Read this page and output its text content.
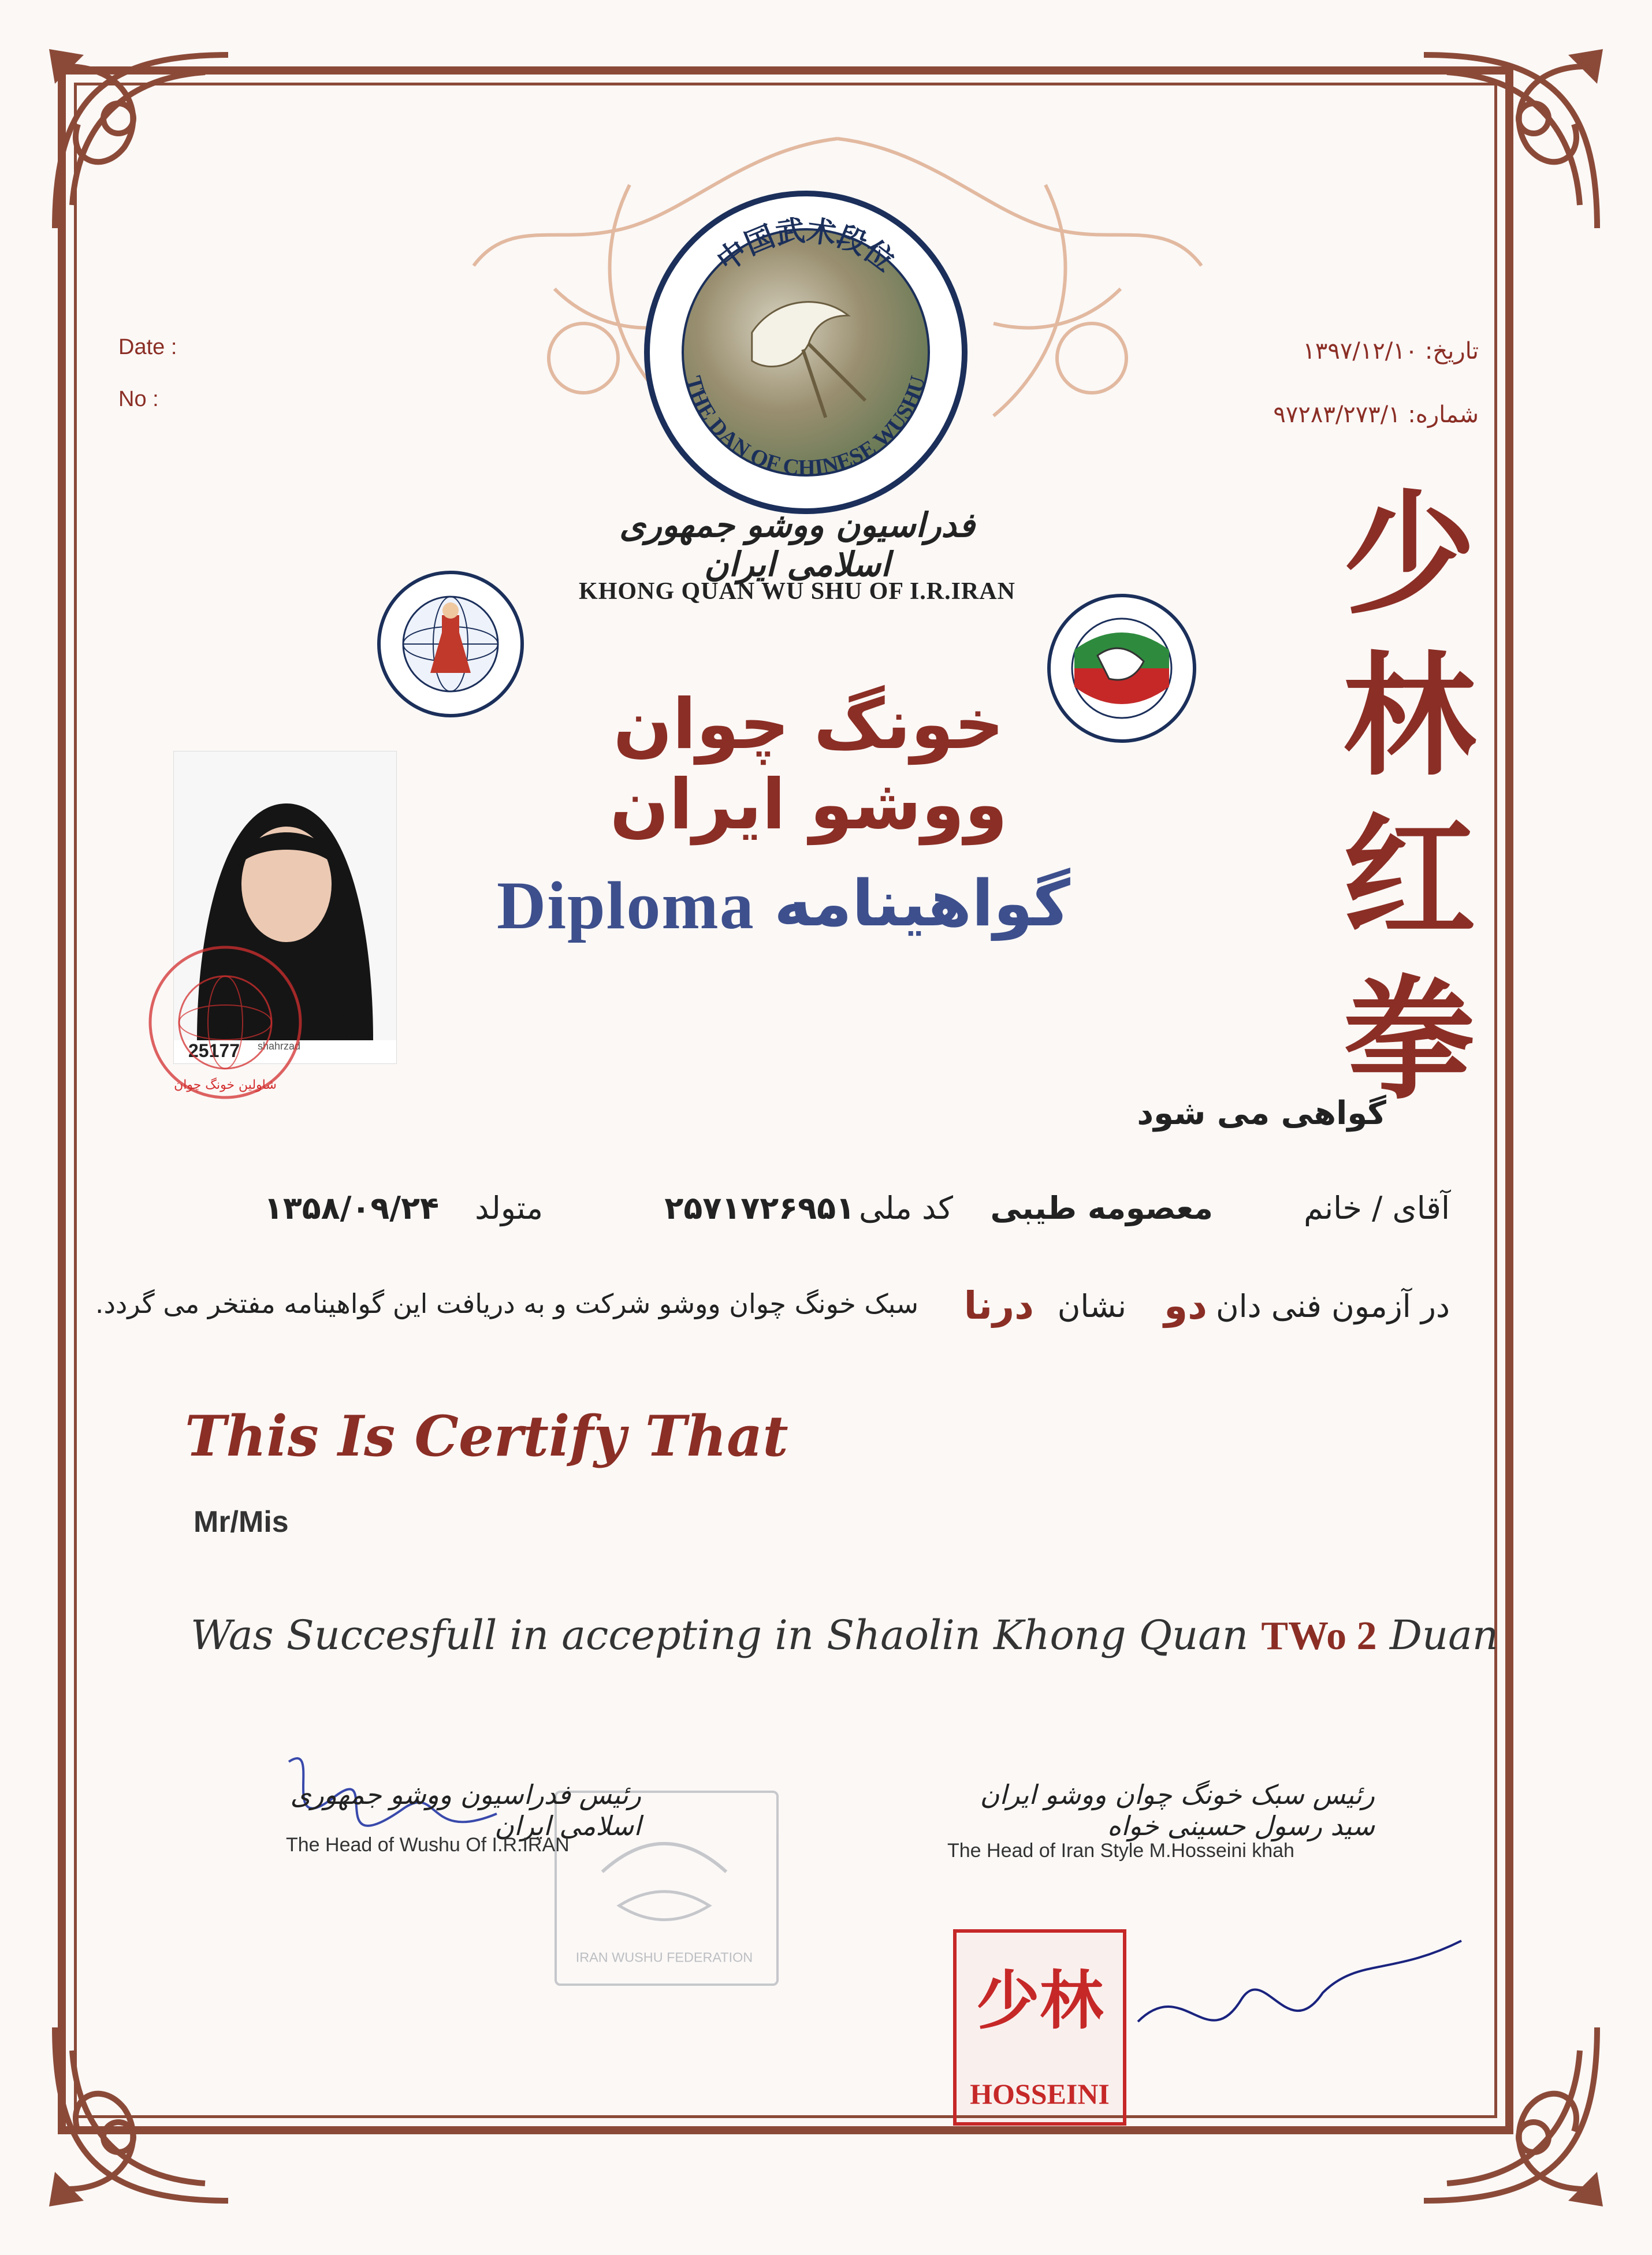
中国武术段位
THE DAN OF CHINESE WUSHU
Date :
No :
تاریخ: ۱۳۹۷/۱۲/۱۰
شماره: ۹۷۲۸۳/۲۷۳/۱
فدراسیون ووشو جمهوری اسلامی ایران
KHONG QUAN WU SHU OF I.R.IRAN
خونگ چوان ووشو ایران
Diploma گواهینامه
少
林
红
拳
25177 shahrzad
شاولین خونگ چوان
گواهی می شود
آقای / خانم
معصومه طیبی
کد ملی
۲۵۷۱۷۲۶۹۵۱
متولد
۱۳۵۸/۰۹/۲۴
در آزمون فنی دان
دو
نشان
درنا
سبک خونگ چوان ووشو شرکت و به دریافت این گواهینامه مفتخر می گردد.
This Is Certify That
Mr/Mis
Was Succesfull in accepting in Shaolin Khong Quan TWo 2 Duan
IRAN WUSHU FEDERATION
رئیس فدراسیون ووشو جمهوری اسلامی ایران
The Head of Wushu Of I.R.IRAN
رئیس سبک خونگ چوان ووشو ایران سید رسول حسینی خواه
The Head of Iran Style M.Hosseini khah
少林
HOSSEINI
